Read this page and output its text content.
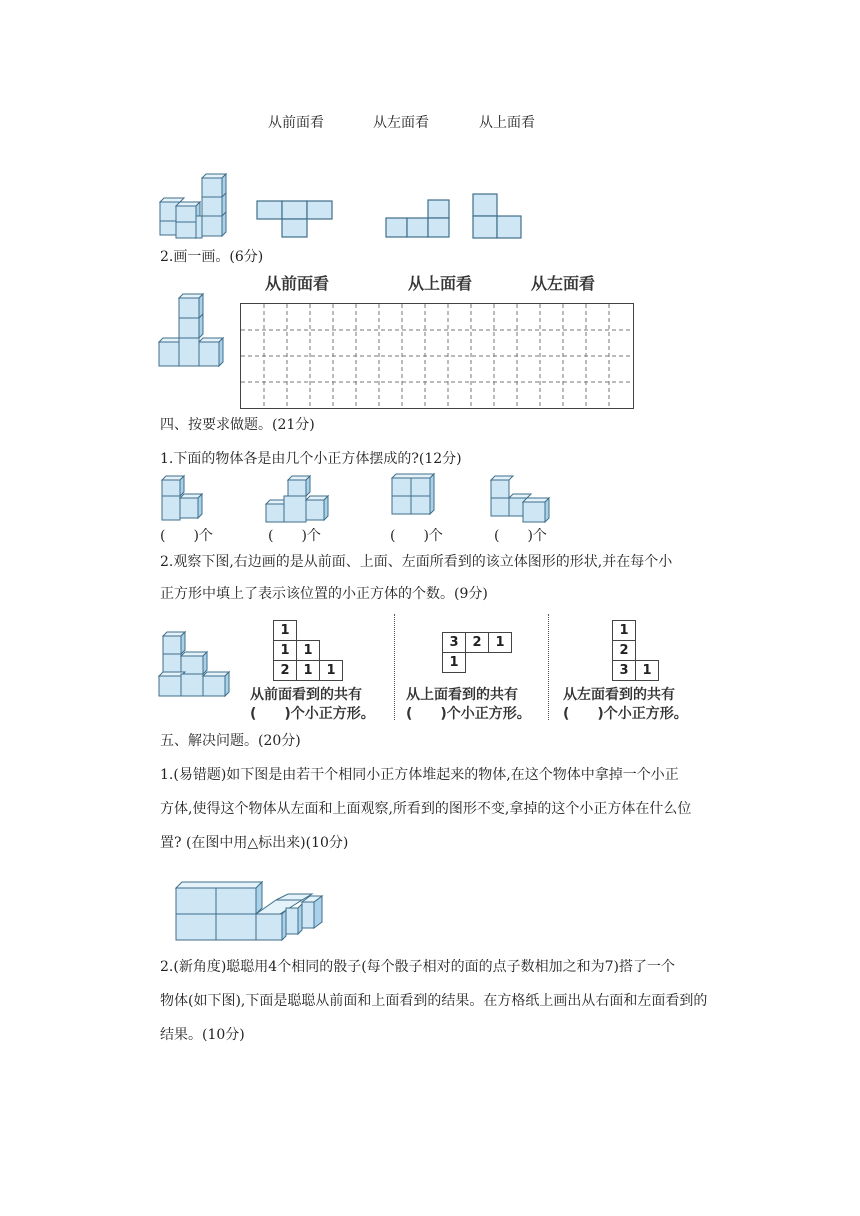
从前面看	从左面看	从上面看
2.画一画。(6分)
从前面看	从上面看	从左面看
四、按要求做题。(21分)
1.下面的物体各是由几个小正方体摆成的?(12分)
(　　)个	(　　)个	(　　)个	(　　)个
2.观察下图,右边画的是从前面、上面、左面所看到的该立体图形的形状,并在每个小
正方形中填上了表示该位置的小正方体的个数。(9分)
1		
1	1	
2	1	1
从前面看到的共有
(　　)个小正方形。
3	2	1
1		
从上面看到的共有
(　　)个小正方形。
1	
2	
3	1
从左面看到的共有
(　　)个小正方形。
五、解决问题。(20分)
1.(易错题)如下图是由若干个相同小正方体堆起来的物体,在这个物体中拿掉一个小正
方体,使得这个物体从左面和上面观察,所看到的图形不变,拿掉的这个小正方体在什么位
置? (在图中用△标出来)(10分)
2.(新角度)聪聪用4个相同的骰子(每个骰子相对的面的点子数相加之和为7)搭了一个
物体(如下图),下面是聪聪从前面和上面看到的结果。在方格纸上画出从右面和左面看到的
结果。(10分)
